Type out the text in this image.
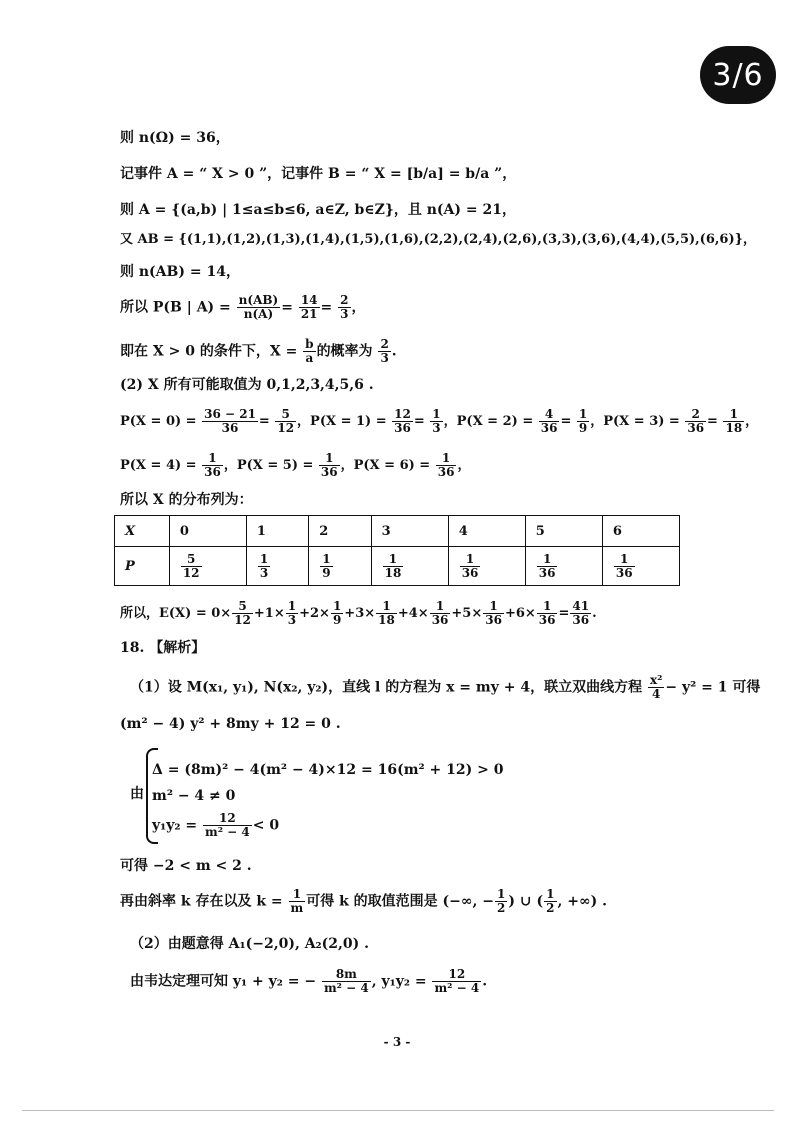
3/6
则 n(Ω) = 36，
记事件 A = “ X > 0 ”，记事件 B = “ X = [b/a] = b/a ”，
则 A = {(a,b) | 1≤a≤b≤6, a∈Z, b∈Z}，且 n(A) = 21，
又 AB = {(1,1),(1,2),(1,3),(1,4),(1,5),(1,6),(2,2),(2,4),(2,6),(3,3),(3,6),(4,4),(5,5),(6,6)}，
则 n(AB) = 14，
所以 P(B | $A) = \frac{n(AB)}{n(A)} = \frac{14}{21} = \frac{2}{3}$ ，
即在 X > 0 的条件下，$X = \frac{b}{a}$ 的概率为 $\frac{2}{3}$ .
(2) X 所有可能取值为 0,1,2,3,4,5,6 .
$P(X = 0) = \frac{36 - 21}{36} = \frac{5}{12}$ ，$P(X = 1) = \frac{12}{36} = \frac{1}{3}$ ，$P(X = 2) = \frac{4}{36} = \frac{1}{9}$ ，$P(X = 3) = \frac{2}{36} = \frac{1}{18}$ ，
$P(X = 4) = \frac{1}{36}$ ，$P(X = 5) = \frac{1}{36}$ ，$P(X = 6) = \frac{1}{36}$ ，
所以 X 的分布列为：
X	0	1	2	3	4	5	6
P	$\frac{5}{12}$	$\frac{1}{3}$	$\frac{1}{9}$	$\frac{1}{18}$	$\frac{1}{36}$	$\frac{1}{36}$	$\frac{1}{36}$
所以，$E(X) = 0\times \frac{5}{12} +1\times \frac{1}{3} +2\times \frac{1}{9} +3\times \frac{1}{18} +4\times \frac{1}{36} +5\times \frac{1}{36} +6\times \frac{1}{36} = \frac{41}{36}$ .
18. 【解析】
（1）设 M(x₁, y₁), N(x₂, y₂)，直线 l 的方程为 x = my + 4，联立双曲线方程 $\frac{\text{x²}}{4} - y^2 = 1$ 可得
(m² − 4) y² + 8my + 12 = 0 .
由
Δ = (8m)² − 4(m² − 4)×12 = 16(m² + 12) > 0
m² − 4 ≠ 0
$y_1y_2 = \frac{12}{\text{m² − 4}} < 0$
可得 −2 < m < 2 .
再由斜率 k 存在以及 $k = \frac{1}{m}$ 可得 k 的取值范围是 (−∞, − $\frac{1}{2}$ ) ∪ ( $\frac{1}{2}$ , +∞) .
（2）由题意得 A₁(−2,0), A₂(2,0) .
由韦达定理可知 y₁ + y₂ = − $\frac{8m}{\text{m² − 4}}$ , $y_1y_2 = \frac{12}{\text{m² − 4}}$ .
- 3 -
